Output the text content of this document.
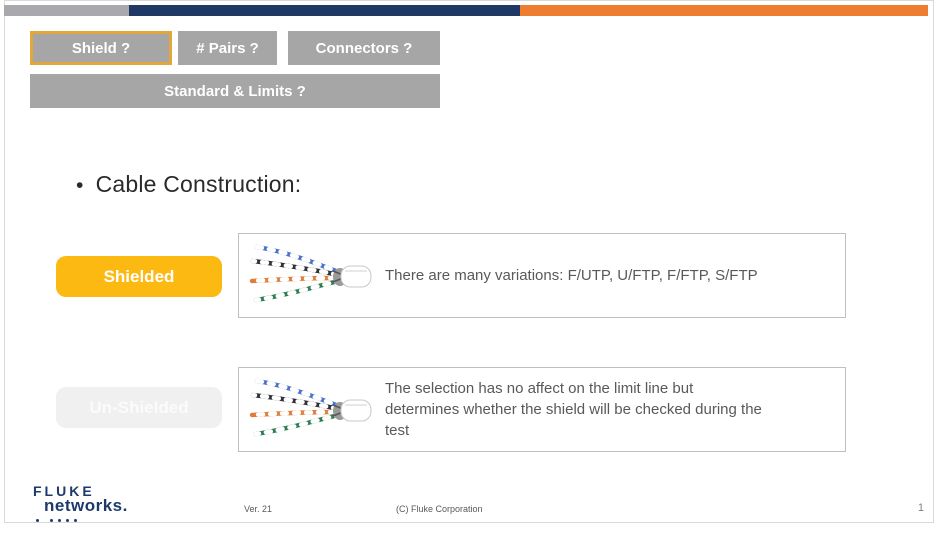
Shield ?	# Pairs ?	Connectors ?
Standard & Limits ?
• Cable Construction:
Shielded	There are many variations: F/UTP, U/FTP, F/FTP, S/FTP
Un-Shielded
The selection has no affect on the limit line but
determines whether the shield will be checked during the
test
FLUKE
networks.	Ver. 21	(C) Fluke Corporation	1
